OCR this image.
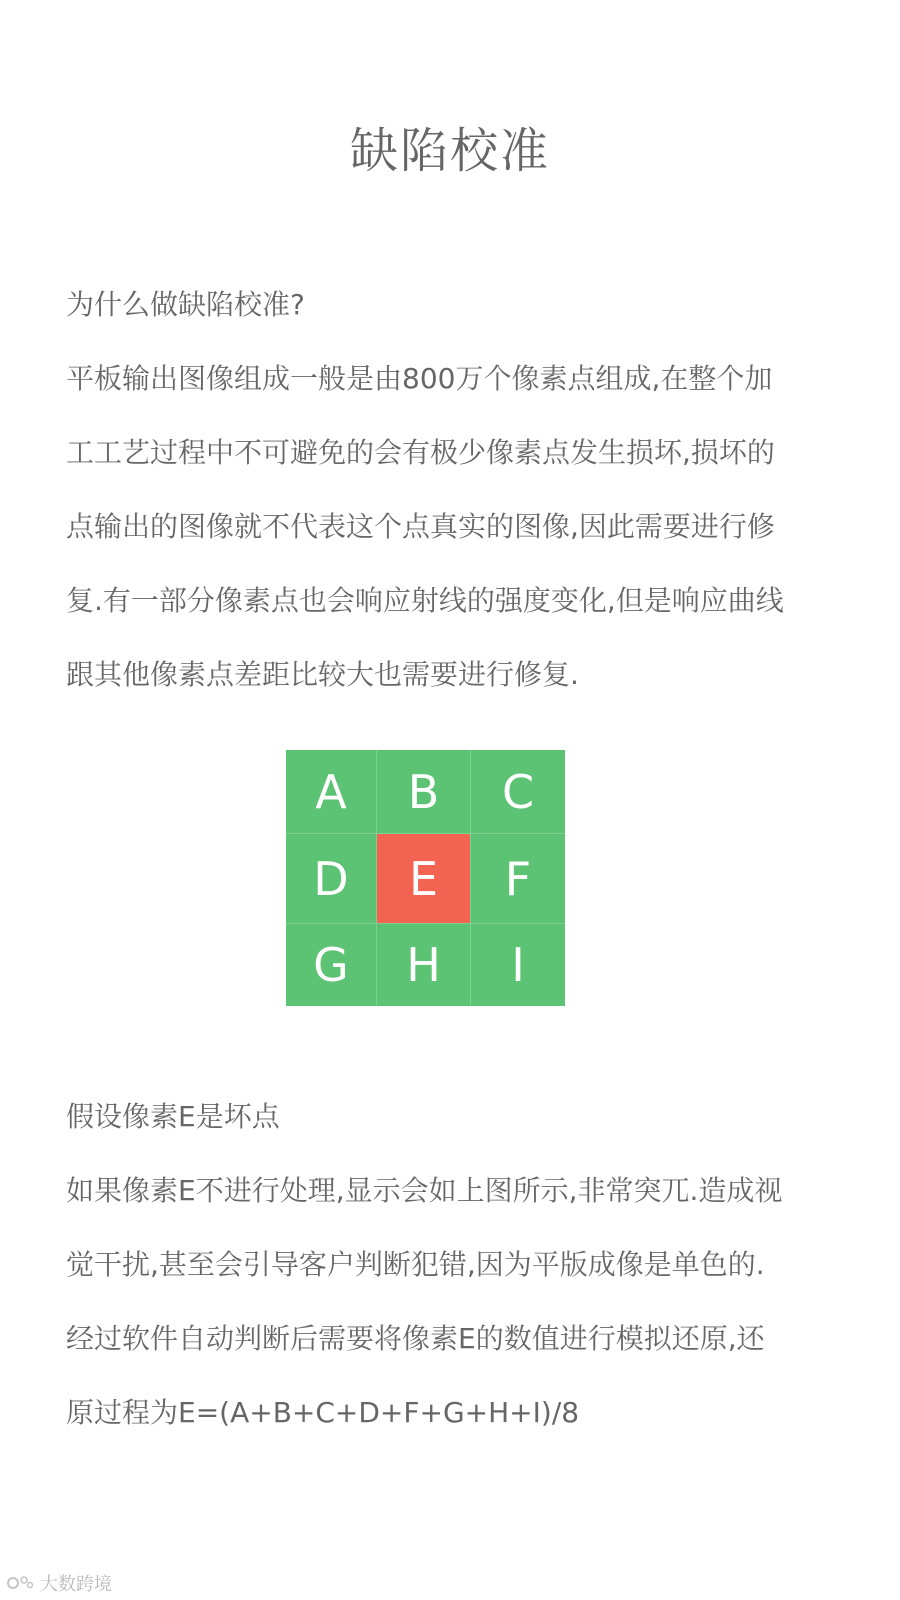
缺陷校准
为什么做缺陷校准?
平板输出图像组成一般是由800万个像素点组成,在整个加
工工艺过程中不可避免的会有极少像素点发生损坏,损坏的
点输出的图像就不代表这个点真实的图像,因此需要进行修
复.有一部分像素点也会响应射线的强度变化,但是响应曲线
跟其他像素点差距比较大也需要进行修复.
A	B	C
D	E	F
G	H	I
假设像素E是坏点
如果像素E不进行处理,显示会如上图所示,非常突兀.造成视
觉干扰,甚至会引导客户判断犯错,因为平版成像是单色的.
经过软件自动判断后需要将像素E的数值进行模拟还原,还
原过程为E=(A+B+C+D+F+G+H+I)/8
大数跨境
